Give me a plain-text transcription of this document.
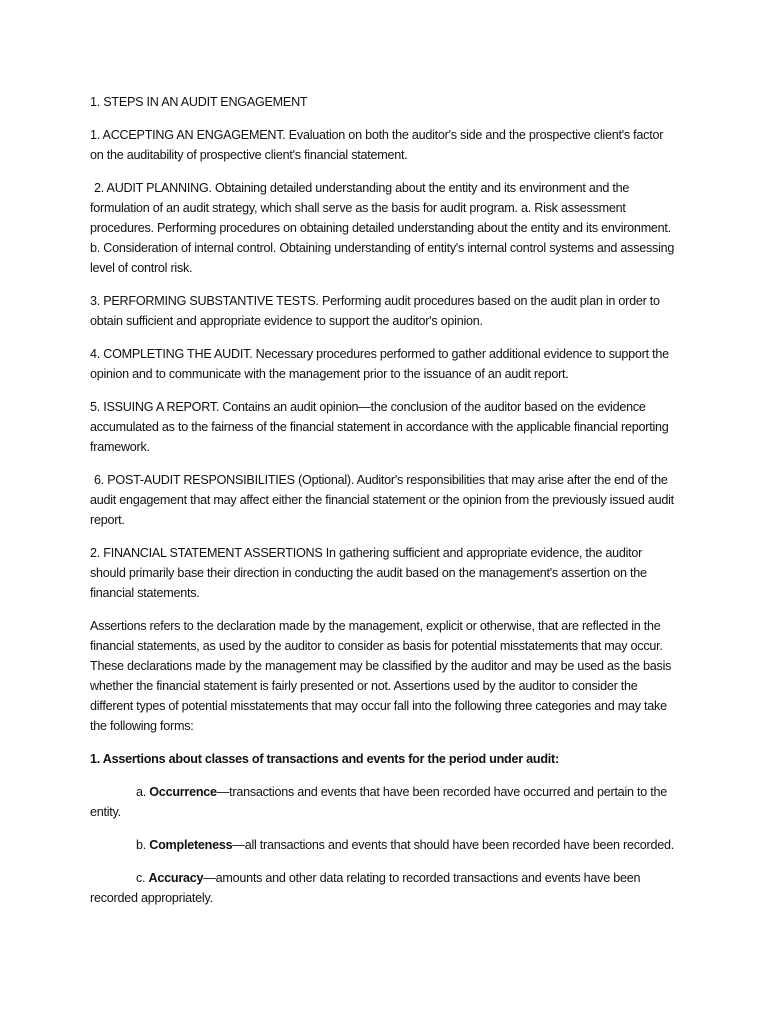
1. STEPS IN AN AUDIT ENGAGEMENT

1. ACCEPTING AN ENGAGEMENT. Evaluation on both the auditor's side and the prospective client's factor on the auditability of prospective client's financial statement.

2. AUDIT PLANNING. Obtaining detailed understanding about the entity and its environment and the formulation of an audit strategy, which shall serve as the basis for audit program. a. Risk assessment procedures. Performing procedures on obtaining detailed understanding about the entity and its environment. b. Consideration of internal control. Obtaining understanding of entity's internal control systems and assessing level of control risk.

3. PERFORMING SUBSTANTIVE TESTS. Performing audit procedures based on the audit plan in order to obtain sufficient and appropriate evidence to support the auditor's opinion.

4. COMPLETING THE AUDIT. Necessary procedures performed to gather additional evidence to support the opinion and to communicate with the management prior to the issuance of an audit report.

5. ISSUING A REPORT. Contains an audit opinion—the conclusion of the auditor based on the evidence accumulated as to the fairness of the financial statement in accordance with the applicable financial reporting framework.

6. POST-AUDIT RESPONSIBILITIES (Optional). Auditor's responsibilities that may arise after the end of the audit engagement that may affect either the financial statement or the opinion from the previously issued audit report.

2. FINANCIAL STATEMENT ASSERTIONS In gathering sufficient and appropriate evidence, the auditor should primarily base their direction in conducting the audit based on the management's assertion on the financial statements.

Assertions refers to the declaration made by the management, explicit or otherwise, that are reflected in the financial statements, as used by the auditor to consider as basis for potential misstatements that may occur. These declarations made by the management may be classified by the auditor and may be used as the basis whether the financial statement is fairly presented or not. Assertions used by the auditor to consider the different types of potential misstatements that may occur fall into the following three categories and may take the following forms:

1. Assertions about classes of transactions and events for the period under audit:

a. Occurrence—transactions and events that have been recorded have occurred and pertain to the entity.

b. Completeness—all transactions and events that should have been recorded have been recorded.

c. Accuracy—amounts and other data relating to recorded transactions and events have been recorded appropriately.
